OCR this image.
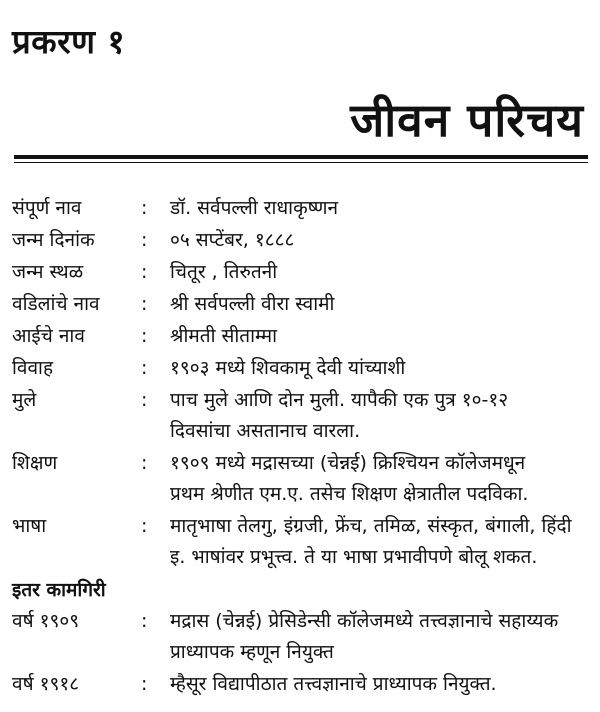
प्रकरण १
जीवन परिचय
संपूर्ण नाव	: डॉ. सर्वपल्ली राधाकृष्णन
जन्म दिनांक : ०५ सप्टेंबर, १८८८
जन्म स्थळ	: चितूर , तिरुतनी
वडिलांचे नाव : श्री सर्वपल्ली वीरा स्वामी
आईचे नाव	: श्रीमती सीताम्मा
विवाह	: १९०३ मध्ये शिवकामू देवी यांच्याशी
मुले	: पाच मुले आणि दोन मुली. यापैकी एक पुत्र १०-१२
दिवसांचा असतानाच वारला.
शिक्षण	: १९०९ मध्ये मद्रासच्या (चेन्नई) क्रिश्चियन कॉलेजमधून
प्रथम श्रेणीत एम.ए. तसेच शिक्षण क्षेत्रातील पदविका.
भाषा	: मातृभाषा तेलगु, इंग्रजी, फ्रेंच, तमिळ, संस्कृत, बंगाली, हिंदी
इ. भाषांवर प्रभूत्त्व. ते या भाषा प्रभावीपणे बोलू शकत.
इतर कामगिरी
वर्ष १९०९	: मद्रास (चेन्नई) प्रेसिडेन्सी कॉलेजमध्ये तत्त्वज्ञानाचे सहाय्यक
प्राध्यापक म्हणून नियुक्त
वर्ष १९१८	: म्हैसूर विद्यापीठात तत्त्वज्ञानाचे प्राध्यापक नियुक्त.
